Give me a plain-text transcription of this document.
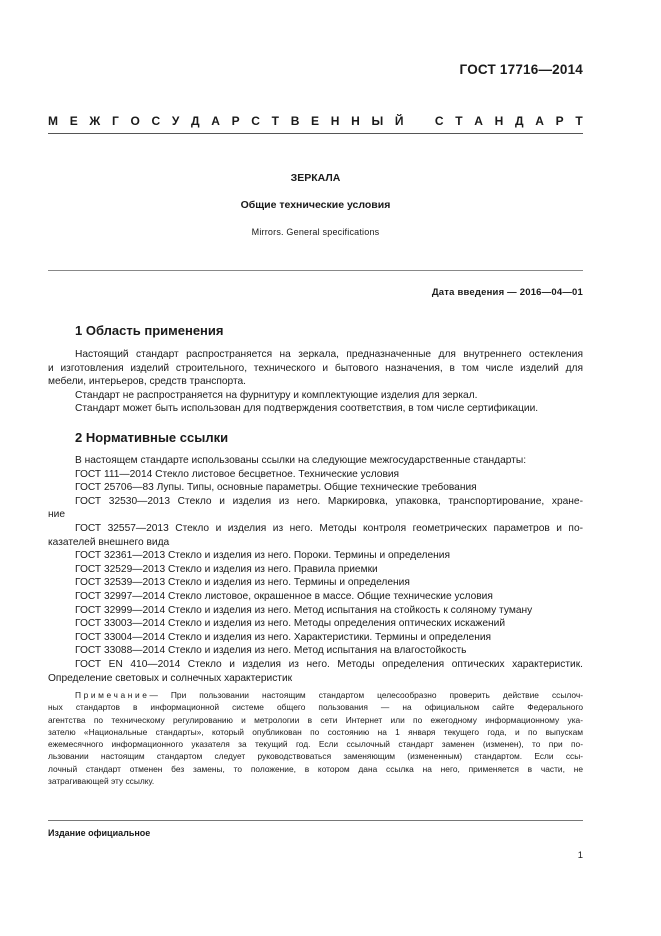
ГОСТ 17716—2014
М Е Ж Г О С У Д А Р С Т В Е Н Н Ы Й	С Т А Н Д А Р Т
ЗЕРКАЛА
Общие технические условия
Mirrors. General specifications
Дата введения — 2016—04—01
1 Область применения

Настоящий стандарт распространяется на зеркала, предназначенные для внутреннего остекления

и изготовления изделий строительного, технического и бытового назначения, в том числе изделий для

мебели, интерьеров, средств транспорта.

Стандарт не распространяется на фурнитуру и комплектующие изделия для зеркал.

Стандарт может быть использован для подтверждения соответствия, в том числе сертификации.

2 Нормативные ссылки

В настоящем стандарте использованы ссылки на следующие межгосударственные стандарты:

ГОСТ 111—2014 Стекло листовое бесцветное. Технические условия

ГОСТ 25706—83 Лупы. Типы, основные параметры. Общие технические требования

ГОСТ 32530—2013 Стекло и изделия из него. Маркировка, упаковка, транспортирование, хране-

ние

ГОСТ 32557—2013 Стекло и изделия из него. Методы контроля геометрических параметров и по-

казателей внешнего вида

ГОСТ 32361—2013 Стекло и изделия из него. Пороки. Термины и определения

ГОСТ 32529—2013 Стекло и изделия из него. Правила приемки

ГОСТ 32539—2013 Стекло и изделия из него. Термины и определения

ГОСТ 32997—2014 Стекло листовое, окрашенное в массе. Общие технические условия

ГОСТ 32999—2014 Стекло и изделия из него. Метод испытания на стойкость к соляному туману

ГОСТ 33003—2014 Стекло и изделия из него. Методы определения оптических искажений

ГОСТ 33004—2014 Стекло и изделия из него. Характеристики. Термины и определения

ГОСТ 33088—2014 Стекло и изделия из него. Метод испытания на влагостойкость

ГОСТ EN 410—2014 Стекло и изделия из него. Методы определения оптических характеристик.

Определение световых и солнечных характеристик

Примечание— При пользовании настоящим стандартом целесообразно проверить действие ссылоч-

ных стандартов в информационной системе общего пользования — на официальном сайте Федерального

агентства по техническому регулированию и метрологии в сети Интернет или по ежегодному информационному ука-

зателю «Национальные стандарты», который опубликован по состоянию на 1 января текущего года, и по выпускам

ежемесячного информационного указателя за текущий год. Если ссылочный стандарт заменен (изменен), то при по-

льзовании настоящим стандартом следует руководствоваться заменяющим (измененным) стандартом. Если ссы-

лочный стандарт отменен без замены, то положение, в котором дана ссылка на него, применяется в части, не

затрагивающей эту ссылку.

Издание официальное
1
